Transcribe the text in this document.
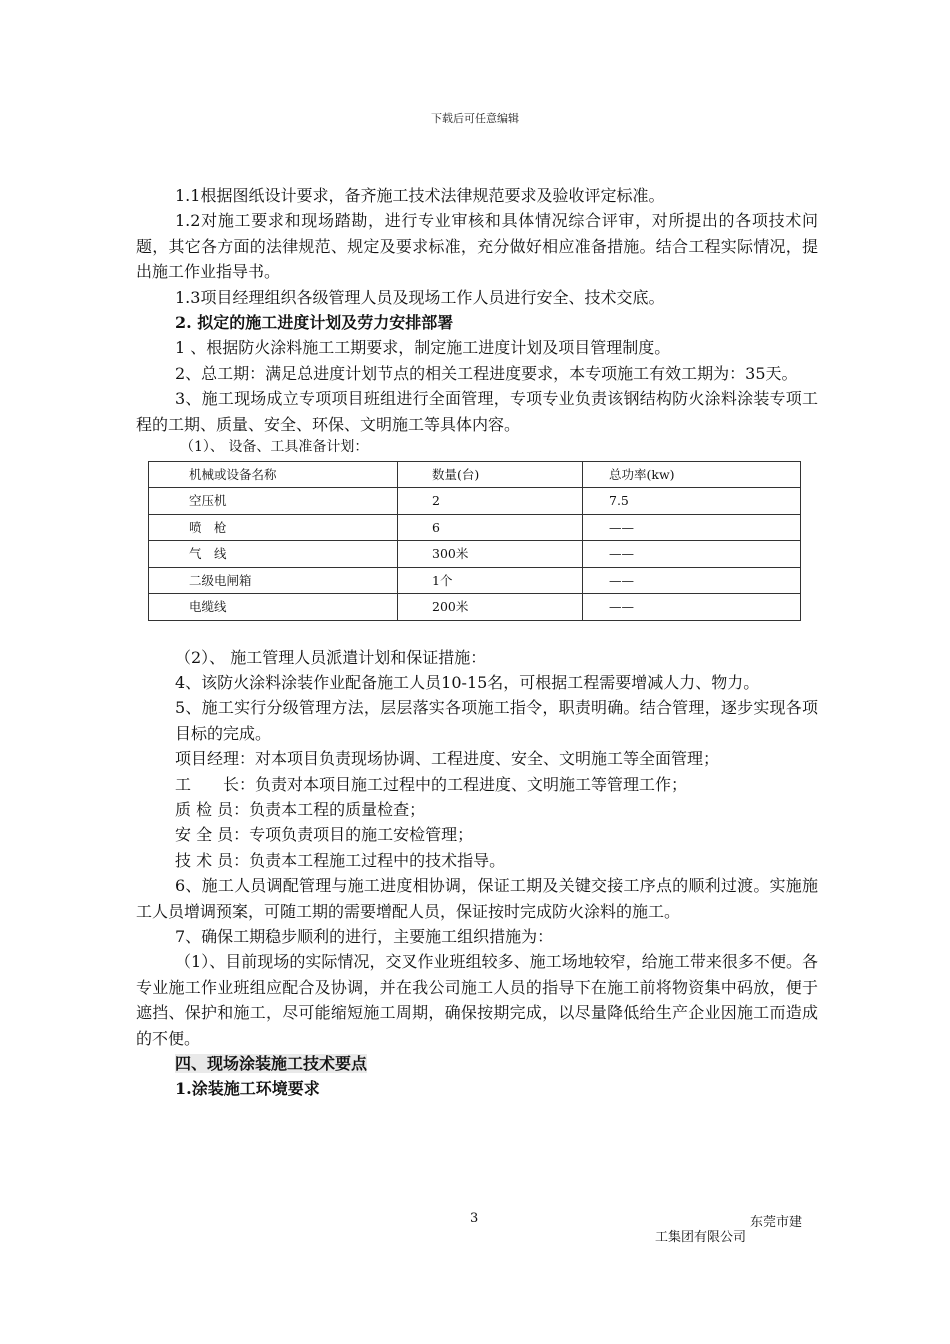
下载后可任意编辑

1.1根据图纸设计要求，备齐施工技术法律规范要求及验收评定标准。

1.2对施工要求和现场踏勘，进行专业审核和具体情况综合评审，对所提出的各项技术问题，其它各方面的法律规范、规定及要求标准，充分做好相应准备措施。结合工程实际情况，提出施工作业指导书。

1.3项目经理组织各级管理人员及现场工作人员进行安全、技术交底。

2. 拟定的施工进度计划及劳力安排部署

1 、根据防火涂料施工工期要求，制定施工进度计划及项目管理制度。

2、总工期：满足总进度计划节点的相关工程进度要求，本专项施工有效工期为：35天。

3、施工现场成立专项项目班组进行全面管理，专项专业负责该钢结构防火涂料涂装专项工程的工期、质量、安全、环保、文明施工等具体内容。

（1）、 设备、工具准备计划：

机械或设备名称	数量(台)	总功率(kw)
空压机	2	7.5
喷　枪	6	——
气　线	300米	——
二级电闸箱	1个	——
电缆线	200米	——

（2）、 施工管理人员派遣计划和保证措施：

4、该防火涂料涂装作业配备施工人员10-15名，可根据工程需要增减人力、物力。

5、施工实行分级管理方法，层层落实各项施工指令，职责明确。结合管理，逐步实现各项目标的完成。

项目经理：对本项目负责现场协调、工程进度、安全、文明施工等全面管理；

工　　长：负责对本项目施工过程中的工程进度、文明施工等管理工作；

质 检 员：负责本工程的质量检查；

安 全 员：专项负责项目的施工安检管理；

技 术 员：负责本工程施工过程中的技术指导。

6、施工人员调配管理与施工进度相协调，保证工期及关键交接工序点的顺利过渡。实施施工人员增调预案，可随工期的需要增配人员，保证按时完成防火涂料的施工。

7、确保工期稳步顺利的进行，主要施工组织措施为：

（1）、目前现场的实际情况，交叉作业班组较多、施工场地较窄，给施工带来很多不便。各专业施工作业班组应配合及协调，并在我公司施工人员的指导下在施工前将物资集中码放，便于遮挡、保护和施工，尽可能缩短施工周期，确保按期完成，以尽量降低给生产企业因施工而造成的不便。

四、现场涂装施工技术要点

1.涂装施工环境要求

3	东莞市建
工集团有限公司
